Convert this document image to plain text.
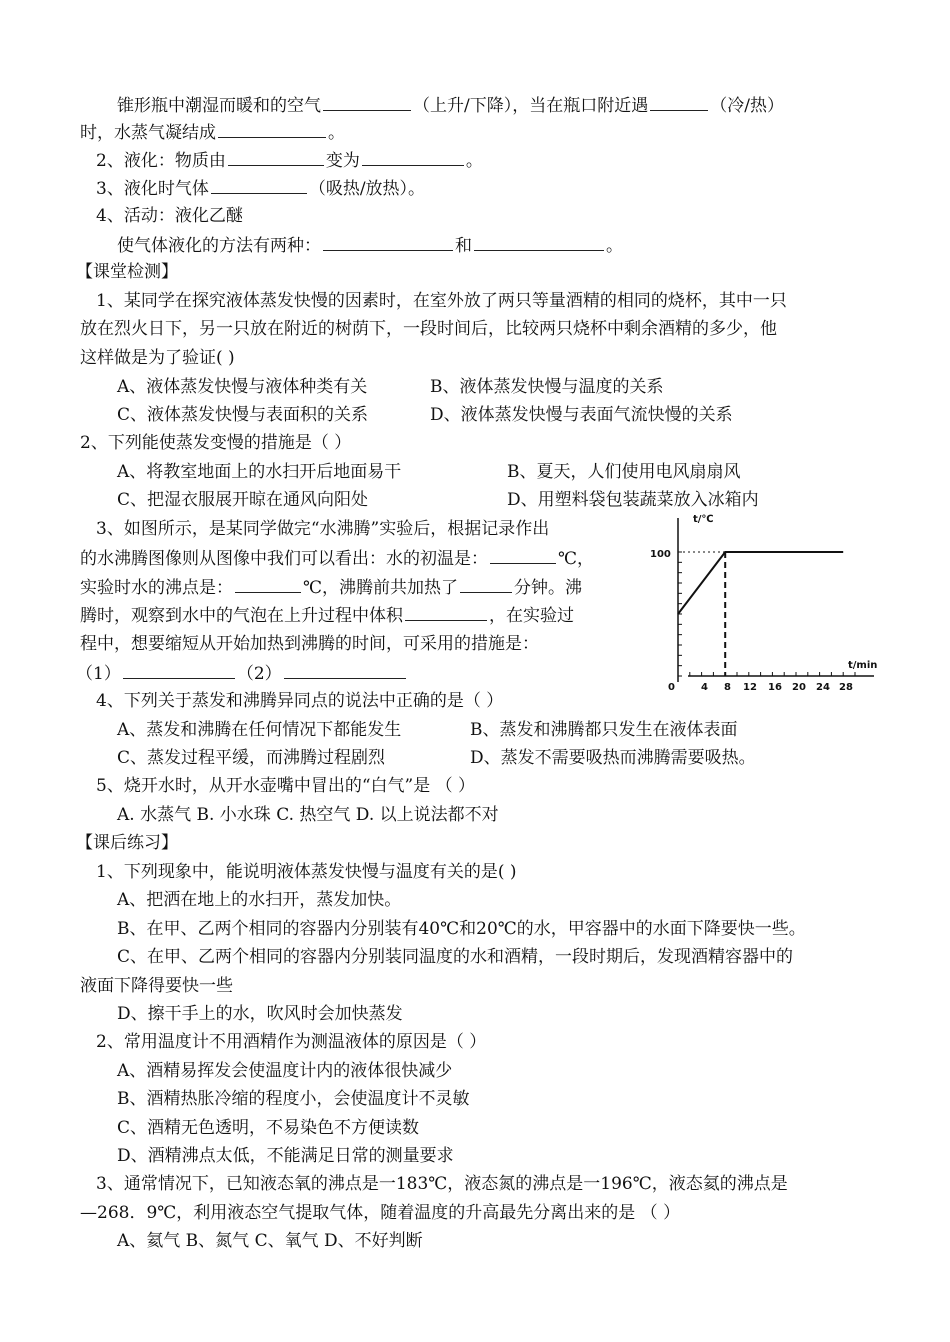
锥形瓶中潮湿而暖和的空气	（上升/下降），当在瓶口附近遇	（冷/热）
时，水蒸气凝结成	。
2、液化：物质由	变为	。
3、液化时气体	（吸热/放热）。
4、活动：液化乙醚
使气体液化的方法有两种：	和	。
【课堂检测】
1、某同学在探究液体蒸发快慢的因素时，在室外放了两只等量酒精的相同的烧杯，其中一只
放在烈火日下，另一只放在附近的树荫下，一段时间后，比较两只烧杯中剩余酒精的多少，他
这样做是为了验证( )
A、液体蒸发快慢与液体种类有关	B、液体蒸发快慢与温度的关系
C、液体蒸发快慢与表面积的关系	D、液体蒸发快慢与表面气流快慢的关系
2、下列能使蒸发变慢的措施是（ ）
A、将教室地面上的水扫开后地面易干	B、夏天，人们使用电风扇扇风
C、把湿衣服展开晾在通风向阳处	D、用塑料袋包装蔬菜放入冰箱内
3、如图所示，是某同学做完“水沸腾”实验后，根据记录作出
的水沸腾图像则从图像中我们可以看出：水的初温是：	℃，
实验时水的沸点是：	℃，沸腾前共加热了	分钟。沸
腾时，观察到水中的气泡在上升过程中体积	，在实验过
程中，想要缩短从开始加热到沸腾的时间，可采用的措施是：
（1）	（2）
100
t/℃
t/min
0	4 8 12 16 20 24 28
4、下列关于蒸发和沸腾异同点的说法中正确的是（ ）
A、蒸发和沸腾在任何情况下都能发生	B、蒸发和沸腾都只发生在液体表面
C、蒸发过程平缓，而沸腾过程剧烈	D、蒸发不需要吸热而沸腾需要吸热。
5、烧开水时，从开水壶嘴中冒出的“白气”是 （ ）
A. 水蒸气 B. 小水珠 C. 热空气 D. 以上说法都不对
【课后练习】
1、下列现象中，能说明液体蒸发快慢与温度有关的是( )
A、把洒在地上的水扫开，蒸发加快。
B、在甲、乙两个相同的容器内分别装有40℃和20℃的水，甲容器中的水面下降要快一些。
C、在甲、乙两个相同的容器内分别装同温度的水和酒精，一段时期后，发现酒精容器中的
液面下降得要快一些
D、擦干手上的水，吹风时会加快蒸发
2、常用温度计不用酒精作为测温液体的原因是（ ）
A、酒精易挥发会使温度计内的液体很快减少
B、酒精热胀冷缩的程度小，会使温度计不灵敏
C、酒精无色透明，不易染色不方便读数
D、酒精沸点太低，不能满足日常的测量要求
3、通常情况下，已知液态氧的沸点是一183℃，液态氮的沸点是一196℃，液态氦的沸点是
—268．9℃，利用液态空气提取气体，随着温度的升高最先分离出来的是 （ ）
A、氦气 B、氮气 C、氧气 D、不好判断
